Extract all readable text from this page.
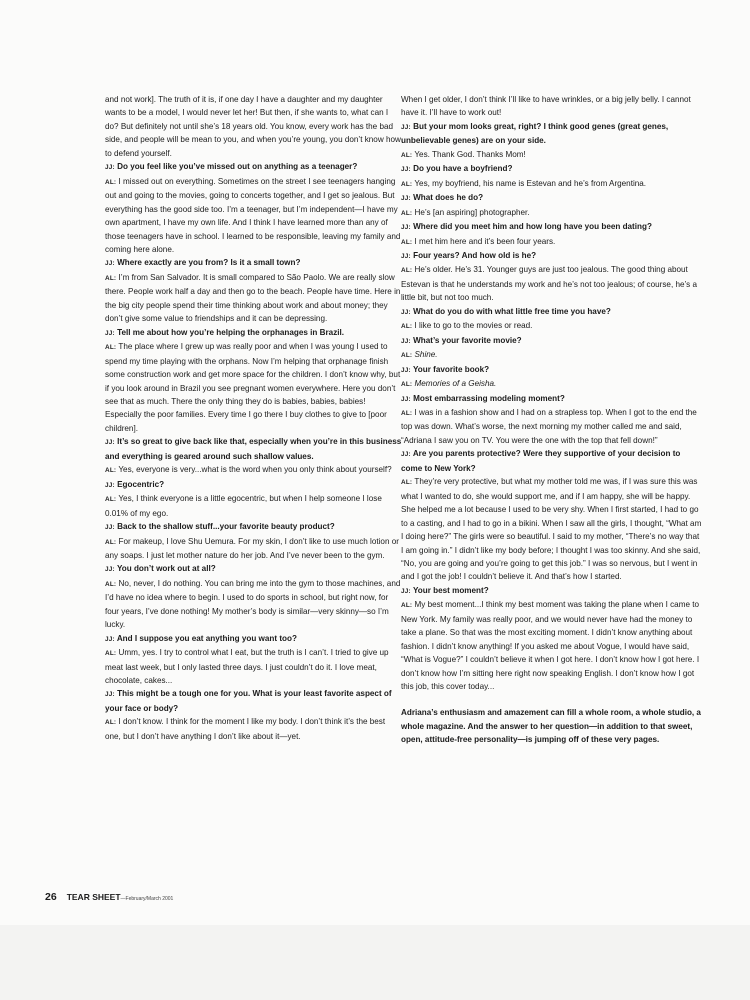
and not work]. The truth of it is, if one day I have a daughter and my daughter wants to be a model, I would never let her! But then, if she wants to, what can I do? But definitely not until she’s 18 years old. You know, every work has the bad side, and people will be mean to you, and when you’re young, you don’t know how to defend yourself.

JJ: Do you feel like you’ve missed out on anything as a teenager?

AL: I missed out on everything. Sometimes on the street I see teenagers hanging out and going to the movies, going to concerts together, and I get so jealous. But everything has the good side too. I’m a teenager, but I’m independent—I have my own apartment, I have my own life. And I think I have learned more than any of those teenagers have in school. I learned to be responsible, leaving my family and coming here alone.

JJ: Where exactly are you from? Is it a small town?

AL: I’m from San Salvador. It is small compared to São Paolo. We are really slow there. People work half a day and then go to the beach. People have time. Here in the big city people spend their time thinking about work and about money; they don’t give some value to friendships and it can be depressing.

JJ: Tell me about how you’re helping the orphanages in Brazil.

AL: The place where I grew up was really poor and when I was young I used to spend my time playing with the orphans. Now I’m helping that orphanage finish some construction work and get more space for the children. I don’t know why, but if you look around in Brazil you see pregnant women everywhere. Here you don’t see that as much. There the only thing they do is babies, babies, babies! Especially the poor families. Every time I go there I buy clothes to give to [poor children].

JJ: It’s so great to give back like that, especially when you’re in this business and everything is geared around such shallow values.

AL: Yes, everyone is very...what is the word when you only think about yourself?

JJ: Egocentric?

AL: Yes, I think everyone is a little egocentric, but when I help someone I lose 0.01% of my ego.

JJ: Back to the shallow stuff...your favorite beauty product?

AL: For makeup, I love Shu Uemura. For my skin, I don’t like to use much lotion or any soaps. I just let mother nature do her job. And I’ve never been to the gym.

JJ: You don’t work out at all?

AL: No, never, I do nothing. You can bring me into the gym to those machines, and I’d have no idea where to begin. I used to do sports in school, but right now, for four years, I’ve done nothing! My mother’s body is similar—very skinny—so I’m lucky.

JJ: And I suppose you eat anything you want too?

AL: Umm, yes. I try to control what I eat, but the truth is I can’t. I tried to give up meat last week, but I only lasted three days. I just couldn’t do it. I love meat, chocolate, cakes...

JJ: This might be a tough one for you. What is your least favorite aspect of your face or body?

AL: I don’t know. I think for the moment I like my body. I don’t think it’s the best one, but I don’t have anything I don’t like about it—yet.

When I get older, I don’t think I’ll like to have wrinkles, or a big jelly belly. I cannot have it. I’ll have to work out!

JJ: But your mom looks great, right? I think good genes (great genes, unbelievable genes) are on your side.

AL: Yes. Thank God. Thanks Mom!

JJ: Do you have a boyfriend?

AL: Yes, my boyfriend, his name is Estevan and he’s from Argentina.

JJ: What does he do?

AL: He’s [an aspiring] photographer.

JJ: Where did you meet him and how long have you been dating?

AL: I met him here and it’s been four years.

JJ: Four years? And how old is he?

AL: He’s older. He’s 31. Younger guys are just too jealous. The good thing about Estevan is that he understands my work and he’s not too jealous; of course, he’s a little bit, but not too much.

JJ: What do you do with what little free time you have?

AL: I like to go to the movies or read.

JJ: What’s your favorite movie?

AL: Shine.

JJ: Your favorite book?

AL: Memories of a Geisha.

JJ: Most embarrassing modeling moment?

AL: I was in a fashion show and I had on a strapless top. When I got to the end the top was down. What’s worse, the next morning my mother called me and said, “Adriana I saw you on TV. You were the one with the top that fell down!”

JJ: Are you parents protective? Were they supportive of your decision to come to New York?

AL: They’re very protective, but what my mother told me was, if I was sure this was what I wanted to do, she would support me, and if I am happy, she will be happy. She helped me a lot because I used to be very shy. When I first started, I had to go to a casting, and I had to go in a bikini. When I saw all the girls, I thought, “What am I doing here?” The girls were so beautiful. I said to my mother, “There’s no way that I am going in.” I didn’t like my body before; I thought I was too skinny. And she said, “No, you are going and you’re going to get this job.” I was so nervous, but I went in and I got the job! I couldn’t believe it. And that’s how I started.

JJ: Your best moment?

AL: My best moment...I think my best moment was taking the plane when I came to New York. My family was really poor, and we would never have had the money to take a plane. So that was the most exciting moment. I didn’t know anything about fashion. I didn’t know anything! If you asked me about Vogue, I would have said, “What is Vogue?” I couldn’t believe it when I got here. I don’t know how I got here. I don’t know how I’m sitting here right now speaking English. I don’t know how I got this job, this cover today...

Adriana’s enthusiasm and amazement can fill a whole room, a whole studio, a whole magazine. And the answer to her question—in addition to that sweet, open, attitude-free personality—is jumping off of these very pages.

26 TEAR SHEET—February/March 2001
